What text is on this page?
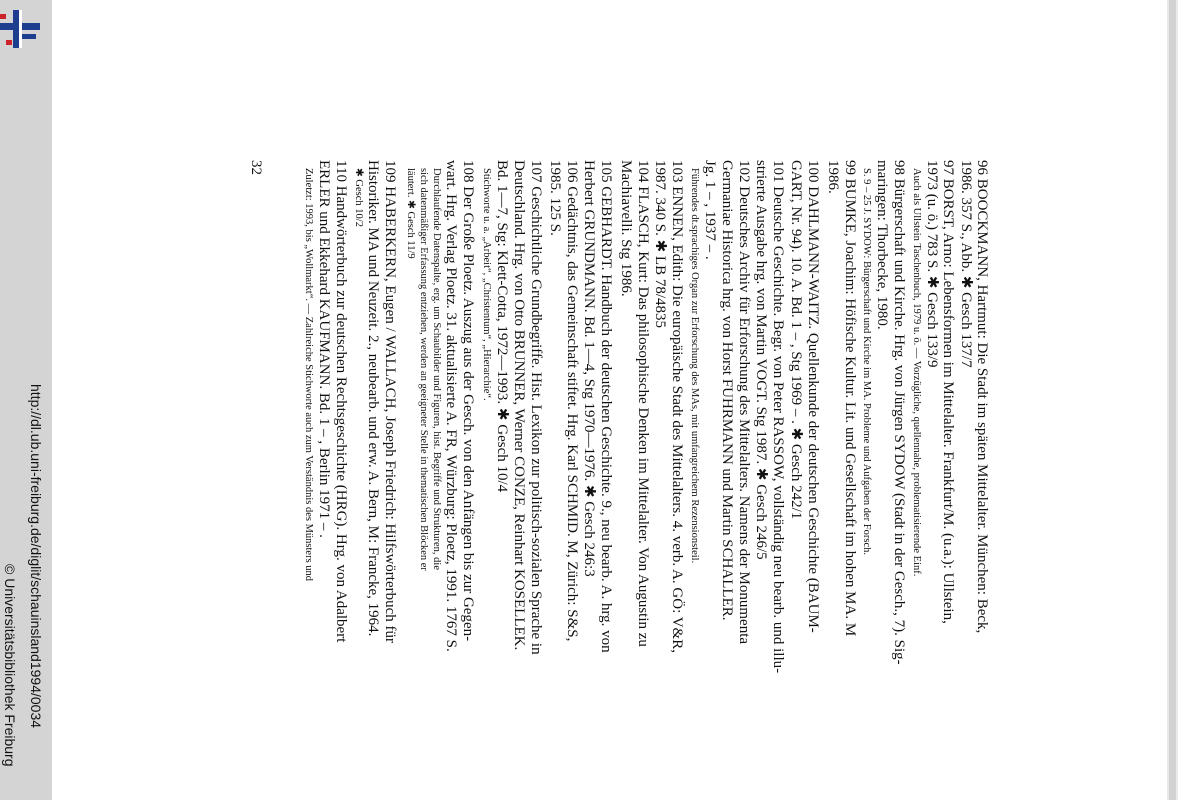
http://dl.ub.uni-freiburg.de/diglit/schauinsland1994/0034
© Universitätsbibliothek Freiburg
96 BOOCKMANN, Hartmut: Die Stadt im späten Mittelalter. München: Beck,
1986. 357 S., Abb. ✱ Gesch 137/7
97 BORST, Arno: Lebensformen im Mittelalter. Frankfurt/M. (u.a.): Ullstein,
1973 (u. ö.) 783 S. ✱ Gesch 133/9
Auch als Ullstein Taschenbuch, 1979 u. ö. — Vorzügliche, quellennahe, problematisierende Einf.
98 Bürgerschaft und Kirche. Hrg. von Jürgen SYDOW (Stadt in der Gesch., 7). Sig-
maringen: Thorbecke, 1980.
S. 9 – 25 J. SYDOW: Bürgerschaft und Kirche im MA. Probleme und Aufgaben der Forsch.
99 BUMKE, Joachim: Höfische Kultur. Lit. und Gesellschaft im hohen MA. M
1986.
100 DAHLMANN-WAITZ. Quellenkunde der deutschen Geschichte (BAUM-
GART, Nr. 94). 10. A. Bd. 1 – , Stg 1969 – . ✱ Gesch 242/1
101 Deutsche Geschichte. Begr. von Peter RASSOW, vollständig neu bearb. und illu-
strierte Ausgabe hrg. von Martin VOGT. Stg 1987. ✱ Gesch 246/5
102 Deutsches Archiv für Erforschung des Mittelalters. Namens der Monumenta
Germaniae Historica hrg. von Horst FUHRMANN und Martin SCHALLER.
Jg. 1 – , 1937 – .
Führendes dt.sprachiges Organ zur Erforschung des MAs, mit umfangreichem Rezensionsteil.
103 ENNEN, Edith: Die europäische Stadt des Mittelalters. 4. verb. A. GÖ: V&R,
1987. 340 S. ✱ LB 78/4835
104 FLASCH, Kurt: Das philosophische Denken im Mittelalter. Von Augustin zu
Machiavelli. Stg 1986.
105 GEBHARDT. Handbuch der deutschen Geschichte. 9., neu bearb. A. hrg. von
Herbert GRUNDMANN. Bd. 1—4, Stg 1970—1976. ✱ Gesch 246:3
106 Gedächtnis, das Gemeinschaft stiftet. Hrg. Karl SCHMID. M, Zürich: S&S,
1985. 125 S.
107 Geschichtliche Grundbegriffe. Hist. Lexikon zur politisch-sozialen Sprache in
Deutschland. Hrg. von Otto BRUNNER, Werner CONZE, Reinhart KOSELLEK.
Bd. 1—7, Stg: Klett-Cotta, 1972—1993. ✱ Gesch 10/4
Stichworte u. a. „Arbeit“, „Christentum“, „Hierarchie“.
108 Der Große Ploetz. Auszug aus der Gesch. von den Anfängen bis zur Gegen-
wart. Hrg. Verlag Ploetz. 31. aktualisierte A. FR, Würzburg: Ploetz, 1991. 1767 S.
Durchlaufende Datenspalte, erg. um Schaubilder und Figuren, hist. Begriffe und Strukturen, die
sich datenmäßiger Erfassung entziehen, werden an geeigneter Stelle in thematischen Blöcken er
läutert. ✱ Gesch 11/9
109 HABERKERN, Eugen / WALLACH, Joseph Friedrich: Hilfswörterbuch für
Historiker. MA und Neuzeit. 2., neubearb. und erw. A. Bern, M: Francke, 1964.
✱ Gesch 10/2
110 Handwörterbuch zur deutschen Rechtsgeschichte (HRG). Hrg. von Adalbert
ERLER und Ekkehard KAUFMANN. Bd. 1 – , Berlin 1971 – .
Zuletzt: 1993, bis „Wollmarkt“. — Zahlreiche Stichworte auch zum Verständnis des Münsters und
32
